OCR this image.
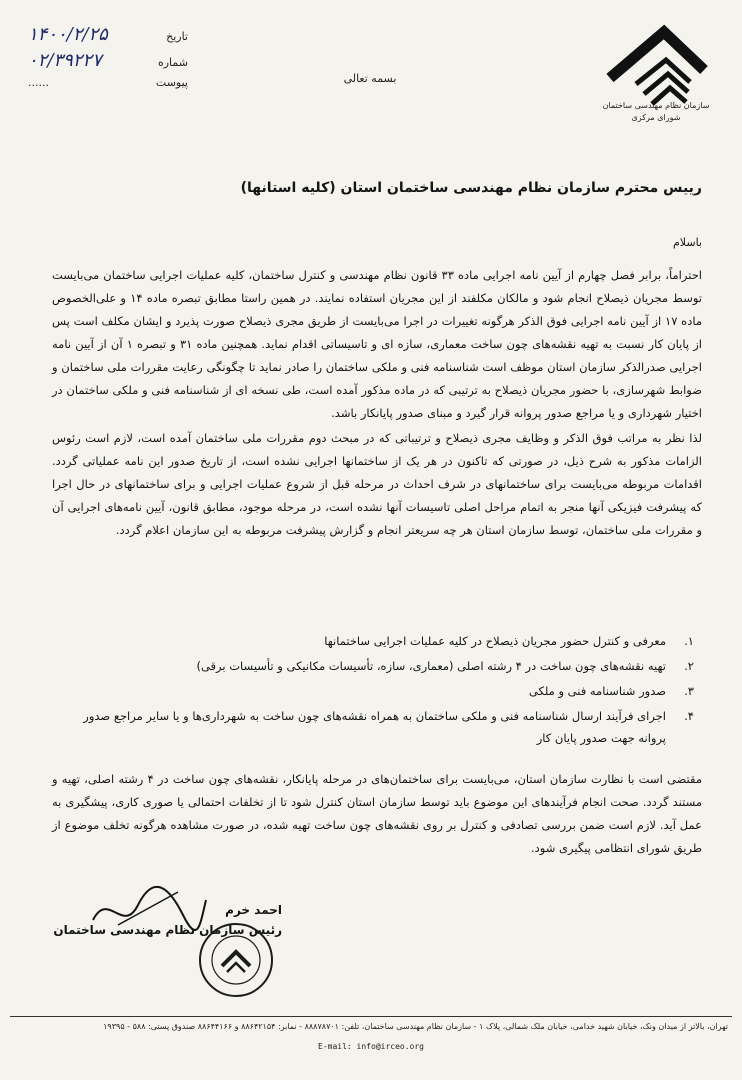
تاریخ
۱۴۰۰/۲/۲۵
شماره
۰۲/۳۹۲۲۷
پیوست
......	بسمه تعالی
سازمان نظام مهندسی ساختمان
شورای مرکزی
رییس محترم سازمان نظام مهندسی ساختمان استان (کلیه استانها)
باسلام

احتراماً، برابر فصل چهارم از آیین نامه اجرایی ماده ۳۳ قانون نظام مهندسی و کنترل ساختمان، کلیه عملیات اجرایی ساختمان می‌بایست توسط مجریان ذیصلاح انجام شود و مالکان مکلفند از این مجریان استفاده نمایند. در همین راستا مطابق تبصره ماده ۱۴ و علی‌الخصوص ماده ۱۷ از آیین نامه اجرایی فوق الذکر هرگونه تغییرات در اجرا می‌بایست از طریق مجری ذیصلاح صورت پذیرد و ایشان مکلف است پس از پایان کار نسبت به تهیه نقشه‌های چون ساخت معماری، سازه ای و تاسیساتی اقدام نماید. همچنین ماده ۳۱ و تبصره ۱ آن از آیین نامه اجرایی صدرالذکر سازمان استان موظف است شناسنامه فنی و ملکی ساختمان را صادر نماید تا چگونگی رعایت مقررات ملی ساختمان و ضوابط شهرسازی، با حضور مجریان ذیصلاح به ترتیبی که در ماده مذکور آمده است، طی نسخه ای از شناسنامه فنی و ملکی ساختمان در اختیار شهرداری و یا مراجع صدور پروانه قرار گیرد و مبنای صدور پایانکار باشد.

لذا نظر به مراتب فوق الذکر و وظایف مجری ذیصلاح و ترتیباتی که در مبحث دوم مقررات ملی ساختمان آمده است، لازم است رئوس الزامات مذکور به شرح ذیل، در صورتی که تاکنون در هر یک از ساختمانها اجرایی نشده است، از تاریخ صدور این نامه عملیاتی گردد. اقدامات مربوطه می‌بایست برای ساختمانهای در شرف احداث در مرحله قبل از شروع عملیات اجرایی و برای ساختمانهای در حال اجرا که پیشرفت فیزیکی آنها منجر به اتمام مراحل اصلی تاسیسات آنها نشده است، در مرحله موجود، مطابق قانون، آیین نامه‌های اجرایی آن و مقررات ملی ساختمان، توسط سازمان استان هر چه سریعتر انجام و گزارش پیشرفت مربوطه به این سازمان اعلام گردد.

۱.
معرفی و کنترل حضور مجریان ذیصلاح در کلیه عملیات اجرایی ساختمانها
۲.
تهیه نقشه‌های چون ساخت در ۴ رشته اصلی (معماری، سازه، تأسیسات مکانیکی و تأسیسات برقی)
۳.
صدور شناسنامه فنی و ملکی
۴.
اجرای فرآیند ارسال شناسنامه فنی و ملکی ساختمان به همراه نقشه‌های چون ساخت به شهرداری‌ها و یا سایر مراجع صدور پروانه جهت صدور پایان کار
مقتضی است با نظارت سازمان استان، می‌بایست برای ساختمان‌های در مرحله پایانکار، نقشه‌های چون ساخت در ۴ رشته اصلی، تهیه و مستند گردد. صحت انجام فرآیندهای این موضوع باید توسط سازمان استان کنترل شود تا از تخلفات احتمالی یا صوری کاری، پیشگیری به عمل آید. لازم است ضمن بررسی تصادفی و کنترل بر روی نقشه‌های چون ساخت تهیه شده، در صورت مشاهده هرگونه تخلف موضوع از طریق شورای انتظامی پیگیری شود.
احمد خرم
رئیس سازمان نظام مهندسی ساختمان
تهران، بالاتر از میدان ونک، خیابان شهید خدامی، خیابان ملک شمالی، پلاک ۱ - سازمان نظام مهندسی ساختمان، تلفن: ۸۸۸۷۸۷۰۱ - نمابر: ۸۸۶۴۲۱۵۴ و ۸۸۶۴۴۱۶۶ صندوق پستی: ۵۸۸ - ۱۹۳۹۵
E-mail: info@irceo.org
